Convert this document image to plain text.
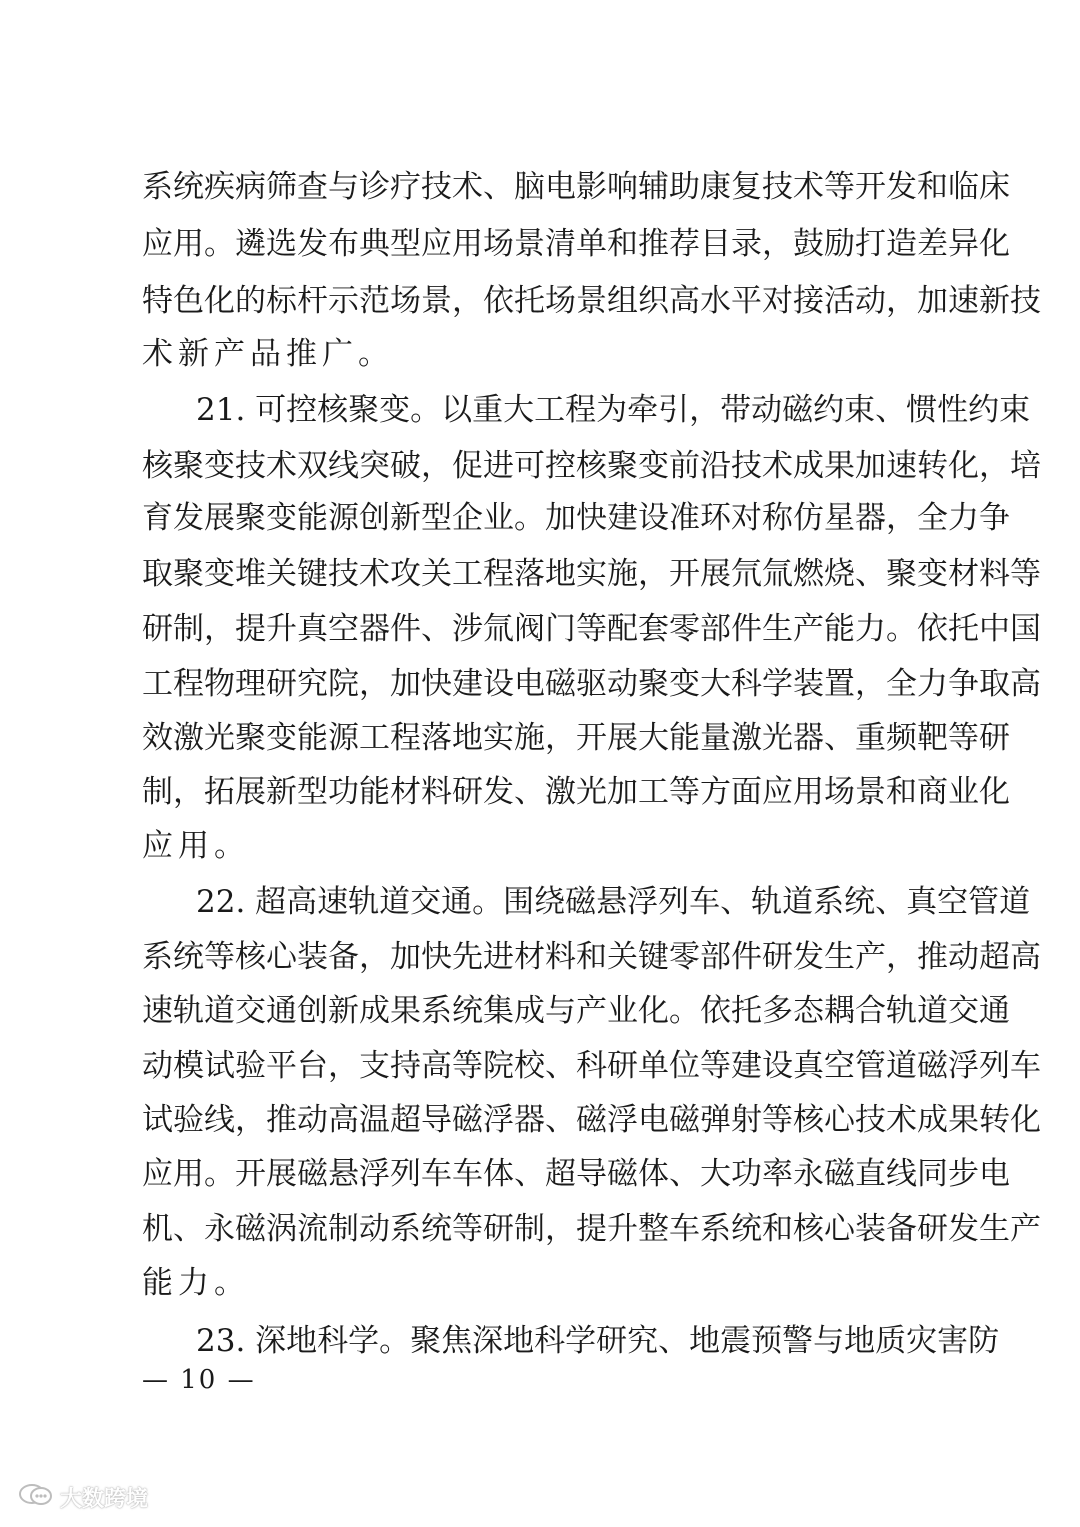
系统疾病筛查与诊疗技术、脑电影响辅助康复技术等开发和临床
应用。遴选发布典型应用场景清单和推荐目录，鼓励打造差异化
特色化的标杆示范场景，依托场景组织高水平对接活动，加速新技
术新产品推广。
21. 可控核聚变。以重大工程为牵引，带动磁约束、惯性约束
核聚变技术双线突破，促进可控核聚变前沿技术成果加速转化，培
育发展聚变能源创新型企业。加快建设准环对称仿星器，全力争
取聚变堆关键技术攻关工程落地实施，开展氘氚燃烧、聚变材料等
研制，提升真空器件、涉氚阀门等配套零部件生产能力。依托中国
工程物理研究院，加快建设电磁驱动聚变大科学装置，全力争取高
效激光聚变能源工程落地实施，开展大能量激光器、重频靶等研
制，拓展新型功能材料研发、激光加工等方面应用场景和商业化
应用。
22. 超高速轨道交通。围绕磁悬浮列车、轨道系统、真空管道
系统等核心装备，加快先进材料和关键零部件研发生产，推动超高
速轨道交通创新成果系统集成与产业化。依托多态耦合轨道交通
动模试验平台，支持高等院校、科研单位等建设真空管道磁浮列车
试验线，推动高温超导磁浮器、磁浮电磁弹射等核心技术成果转化
应用。开展磁悬浮列车车体、超导磁体、大功率永磁直线同步电
机、永磁涡流制动系统等研制，提升整车系统和核心装备研发生产
能力。
23. 深地科学。聚焦深地科学研究、地震预警与地质灾害防
— 10 —
大数跨境
